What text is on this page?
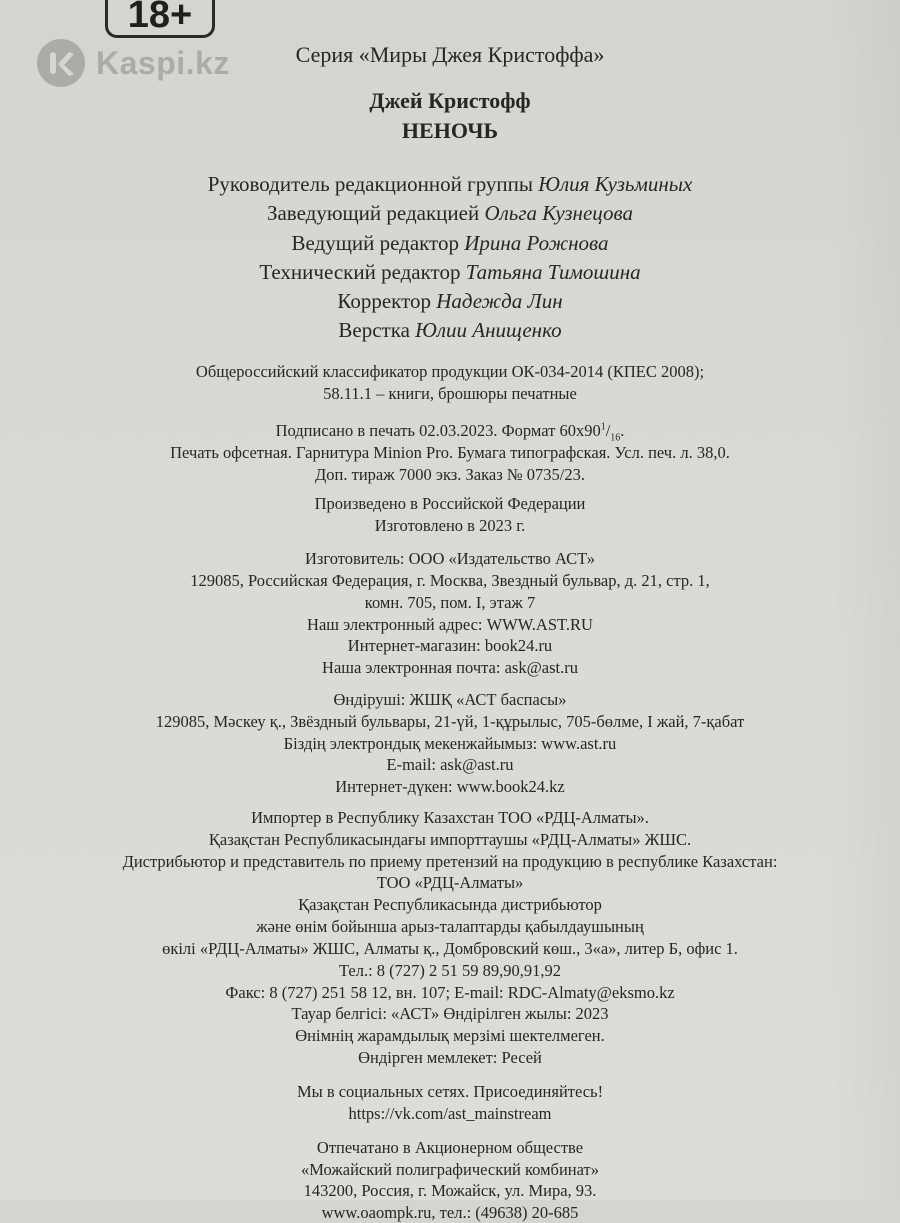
18+
Kaspi.kz	Серия «Миры Джея Кристоффа»
Джей Кристофф
НЕНОЧЬ
Руководитель редакционной группы Юлия Кузьминых
Заведующий редакцией Ольга Кузнецова
Ведущий редактор Ирина Рожнова
Технический редактор Татьяна Тимошина
Корректор Надежда Лин
Верстка Юлии Анищенко
Общероссийский классификатор продукции ОК-034-2014 (КПЕС 2008);
58.11.1 – книги, брошюры печатные
Подписано в печать 02.03.2023. Формат $60х90^1/_{16}$.
Печать офсетная. Гарнитура Minion Pro. Бумага типографская. Усл. печ. л. 38,0.
Доп. тираж 7000 экз. Заказ № 0735/23.
Произведено в Российской Федерации
Изготовлено в 2023 г.
Изготовитель: ООО «Издательство АСТ»
129085, Российская Федерация, г. Москва, Звездный бульвар, д. 21, стр. 1,
комн. 705, пом. I, этаж 7
Наш электронный адрес: WWW.AST.RU
Интернет-магазин: book24.ru
Наша электронная почта: ask@ast.ru
Өндіруші: ЖШҚ «АСТ баспасы»
129085, Мәскеу қ., Звёздный бульвары, 21-үй, 1-құрылыс, 705-бөлме, I жай, 7-қабат
Біздің электрондық мекенжайымыз: www.ast.ru
E-mail: ask@ast.ru
Интернет-дүкен: www.book24.kz
Импортер в Республику Казахстан ТОО «РДЦ-Алматы».
Қазақстан Республикасындағы импорттаушы «РДЦ-Алматы» ЖШС.
Дистрибьютор и представитель по приему претензий на продукцию в республике Казахстан:
ТОО «РДЦ-Алматы»
Қазақстан Республикасында дистрибьютор
және өнім бойынша арыз-талаптарды қабылдаушының
өкілі «РДЦ-Алматы» ЖШС, Алматы қ., Домбровский көш., 3«а», литер Б, офис 1.
Тел.: 8 (727) 2 51 59 89,90,91,92
Факс: 8 (727) 251 58 12, вн. 107; E-mail: RDC-Almaty@eksmo.kz
Тауар белгісі: «АСТ» Өндірілген жылы: 2023
Өнімнің жарамдылық мерзімі шектелмеген.
Өндірген мемлекет: Ресей
Мы в социальных сетях. Присоединяйтесь!
https://vk.com/ast_mainstream
Отпечатано в Акционерном обществе
«Можайский полиграфический комбинат»
143200, Россия, г. Можайск, ул. Мира, 93.
www.oaompk.ru, тел.: (49638) 20-685
